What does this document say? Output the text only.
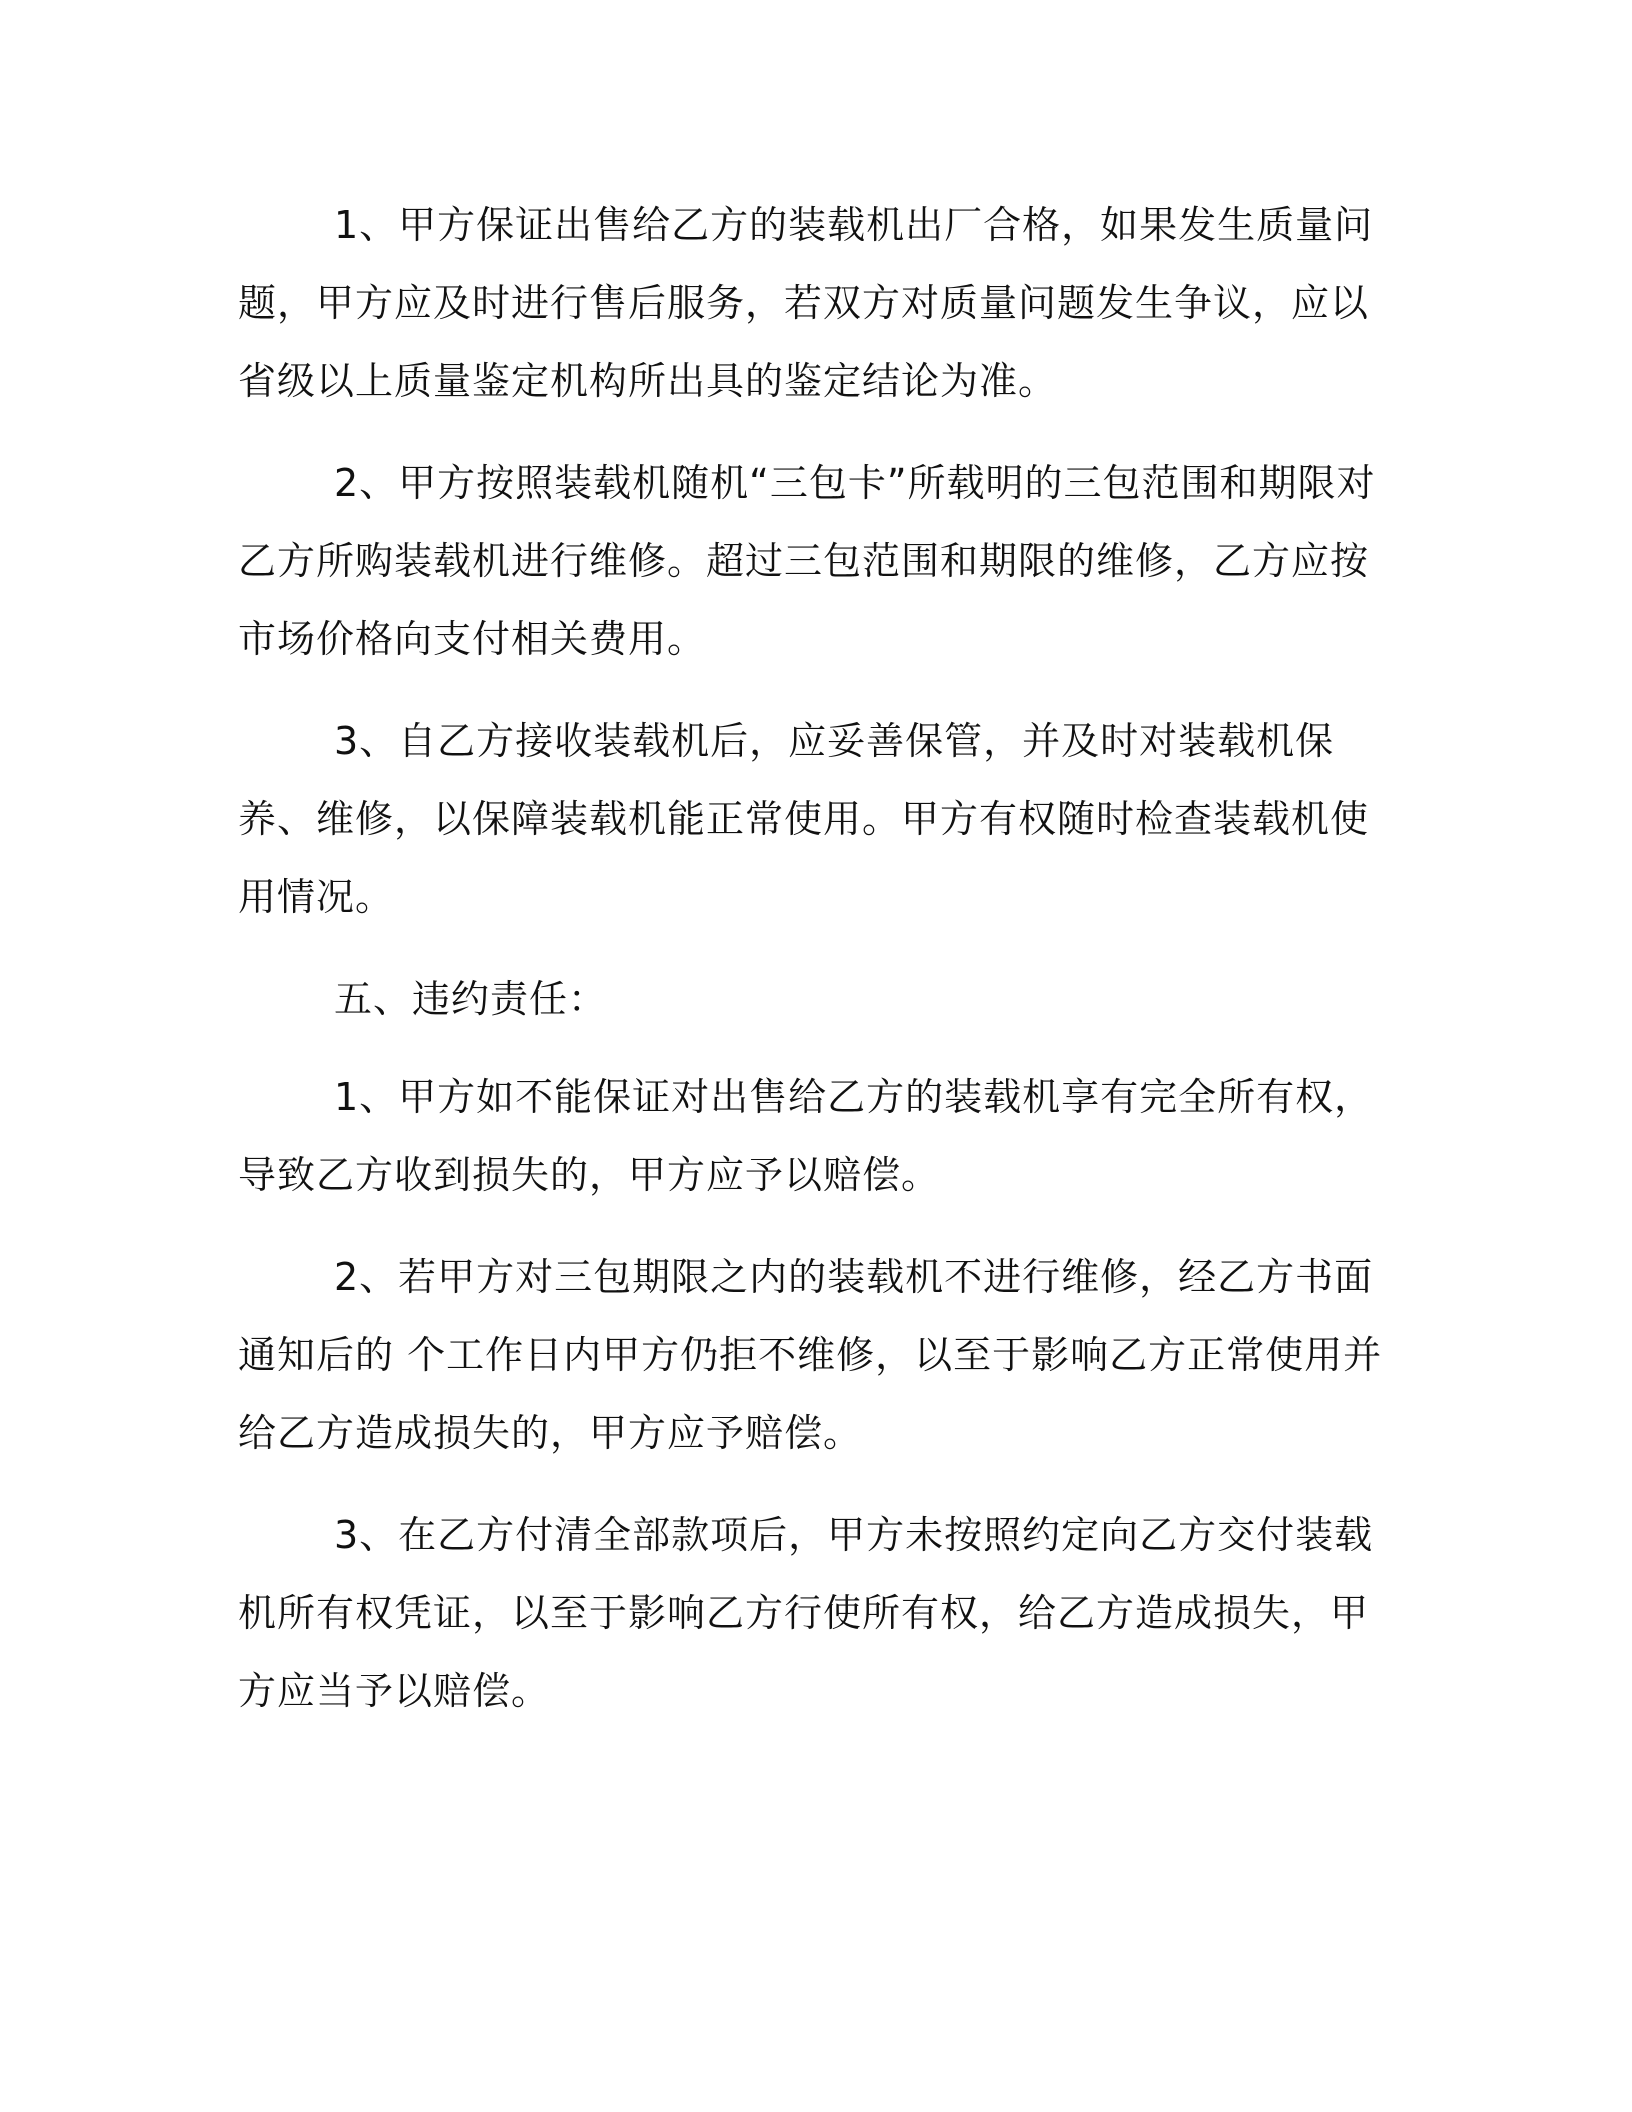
1、甲方保证出售给乙方的装载机出厂合格，如果发生质量问题，甲方应及时进行售后服务，若双方对质量问题发生争议，应以省级以上质量鉴定机构所出具的鉴定结论为准。

2、甲方按照装载机随机“三包卡”所载明的三包范围和期限对乙方所购装载机进行维修。超过三包范围和期限的维修，乙方应按市场价格向支付相关费用。

3、自乙方接收装载机后，应妥善保管，并及时对装载机保养、维修，以保障装载机能正常使用。甲方有权随时检查装载机使用情况。

五、违约责任：

1、甲方如不能保证对出售给乙方的装载机享有完全所有权，导致乙方收到损失的，甲方应予以赔偿。

2、若甲方对三包期限之内的装载机不进行维修，经乙方书面通知后的 个工作日内甲方仍拒不维修，以至于影响乙方正常使用并给乙方造成损失的，甲方应予赔偿。

3、在乙方付清全部款项后，甲方未按照约定向乙方交付装载机所有权凭证，以至于影响乙方行使所有权，给乙方造成损失，甲方应当予以赔偿。
